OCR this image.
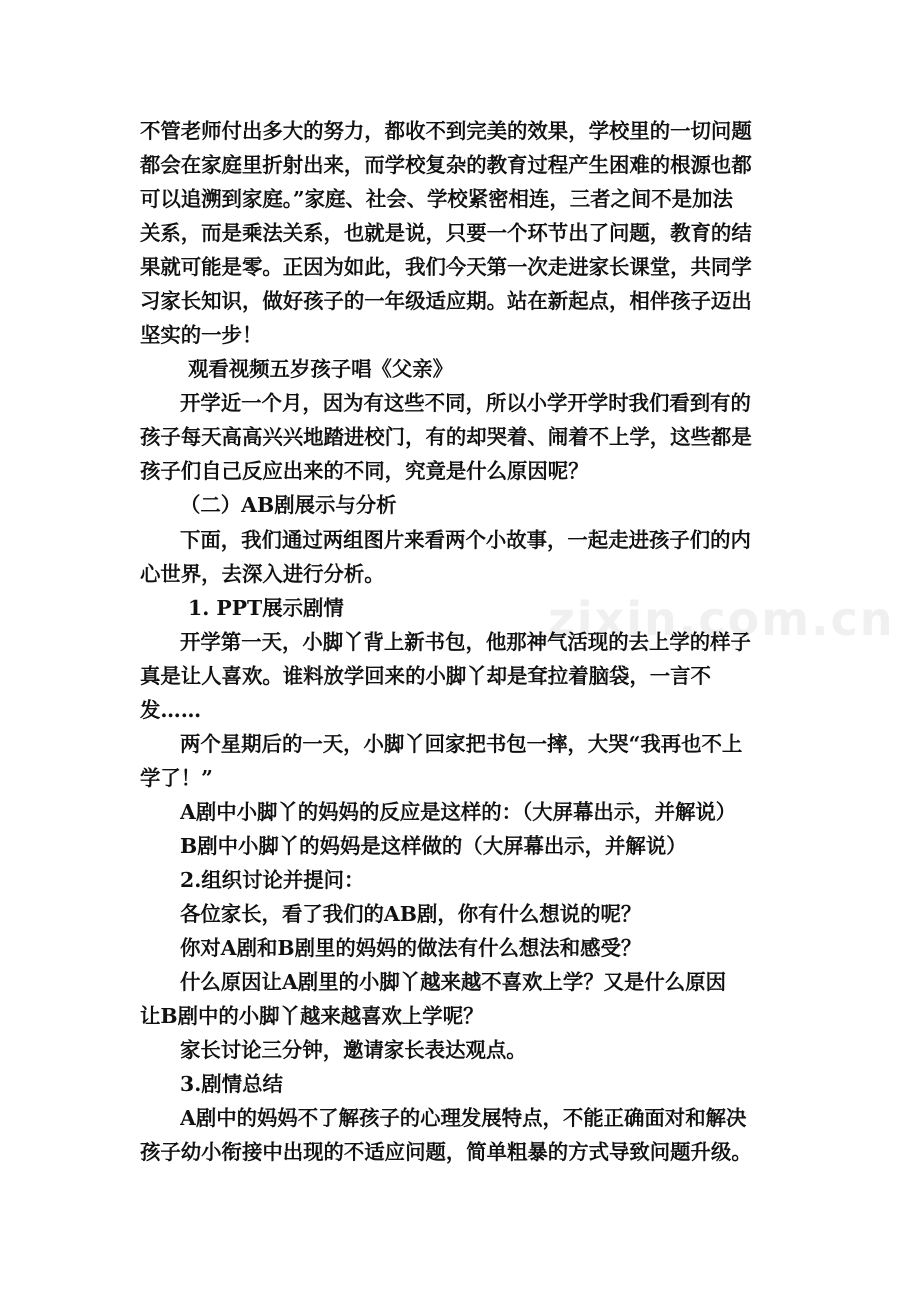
zixin.com.cn
不管老师付出多大的努力，都收不到完美的效果，学校里的一切问题
都会在家庭里折射出来，而学校复杂的教育过程产生困难的根源也都
可以追溯到家庭。”家庭、社会、学校紧密相连，三者之间不是加法
关系，而是乘法关系，也就是说，只要一个环节出了问题，教育的结
果就可能是零。正因为如此，我们今天第一次走进家长课堂，共同学
习家长知识，做好孩子的一年级适应期。站在新起点，相伴孩子迈出
坚实的一步！
观看视频五岁孩子唱《父亲》
开学近一个月，因为有这些不同，所以小学开学时我们看到有的
孩子每天高高兴兴地踏进校门，有的却哭着、闹着不上学，这些都是
孩子们自己反应出来的不同，究竟是什么原因呢？
（二）AB剧展示与分析
下面，我们通过两组图片来看两个小故事，一起走进孩子们的内
心世界，去深入进行分析。
1. PPT展示剧情
开学第一天，小脚丫背上新书包，他那神气活现的去上学的样子
真是让人喜欢。谁料放学回来的小脚丫却是耷拉着脑袋，一言不
发……
两个星期后的一天，小脚丫回家把书包一摔，大哭“我再也不上
学了！”
A剧中小脚丫的妈妈的反应是这样的：（大屏幕出示，并解说）
B剧中小脚丫的妈妈是这样做的（大屏幕出示，并解说）
2.组织讨论并提问：
各位家长，看了我们的AB剧，你有什么想说的呢？
你对A剧和B剧里的妈妈的做法有什么想法和感受？
什么原因让A剧里的小脚丫越来越不喜欢上学？又是什么原因
让B剧中的小脚丫越来越喜欢上学呢？
家长讨论三分钟，邀请家长表达观点。
3.剧情总结
A剧中的妈妈不了解孩子的心理发展特点，不能正确面对和解决
孩子幼小衔接中出现的不适应问题，简单粗暴的方式导致问题升级。
